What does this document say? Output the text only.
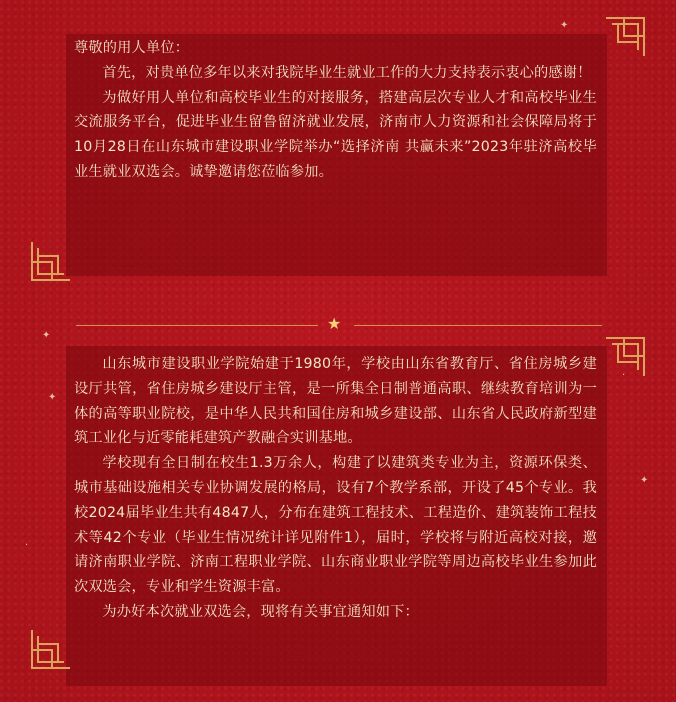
✦
✦
·
✦
·
✦

尊敬的用人单位：

首先，对贵单位多年以来对我院毕业生就业工作的大力支持表示衷心的感谢！

为做好用人单位和高校毕业生的对接服务，搭建高层次专业人才和高校毕业生交流服务平台，促进毕业生留鲁留济就业发展，济南市人力资源和社会保障局将于10月28日在山东城市建设职业学院举办“选择济南 共赢未来”2023年驻济高校毕业生就业双选会。诚挚邀请您莅临参加。

★

山东城市建设职业学院始建于1980年，学校由山东省教育厅、省住房城乡建设厅共管，省住房城乡建设厅主管，是一所集全日制普通高职、继续教育培训为一体的高等职业院校，是中华人民共和国住房和城乡建设部、山东省人民政府新型建筑工业化与近零能耗建筑产教融合实训基地。

学校现有全日制在校生1.3万余人，构建了以建筑类专业为主，资源环保类、城市基础设施相关专业协调发展的格局，设有7个教学系部，开设了45个专业。我校2024届毕业生共有4847人，分布在建筑工程技术、工程造价、建筑装饰工程技术等42个专业（毕业生情况统计详见附件1），届时，学校将与附近高校对接，邀请济南职业学院、济南工程职业学院、山东商业职业学院等周边高校毕业生参加此次双选会，专业和学生资源丰富。

为办好本次就业双选会，现将有关事宜通知如下：
